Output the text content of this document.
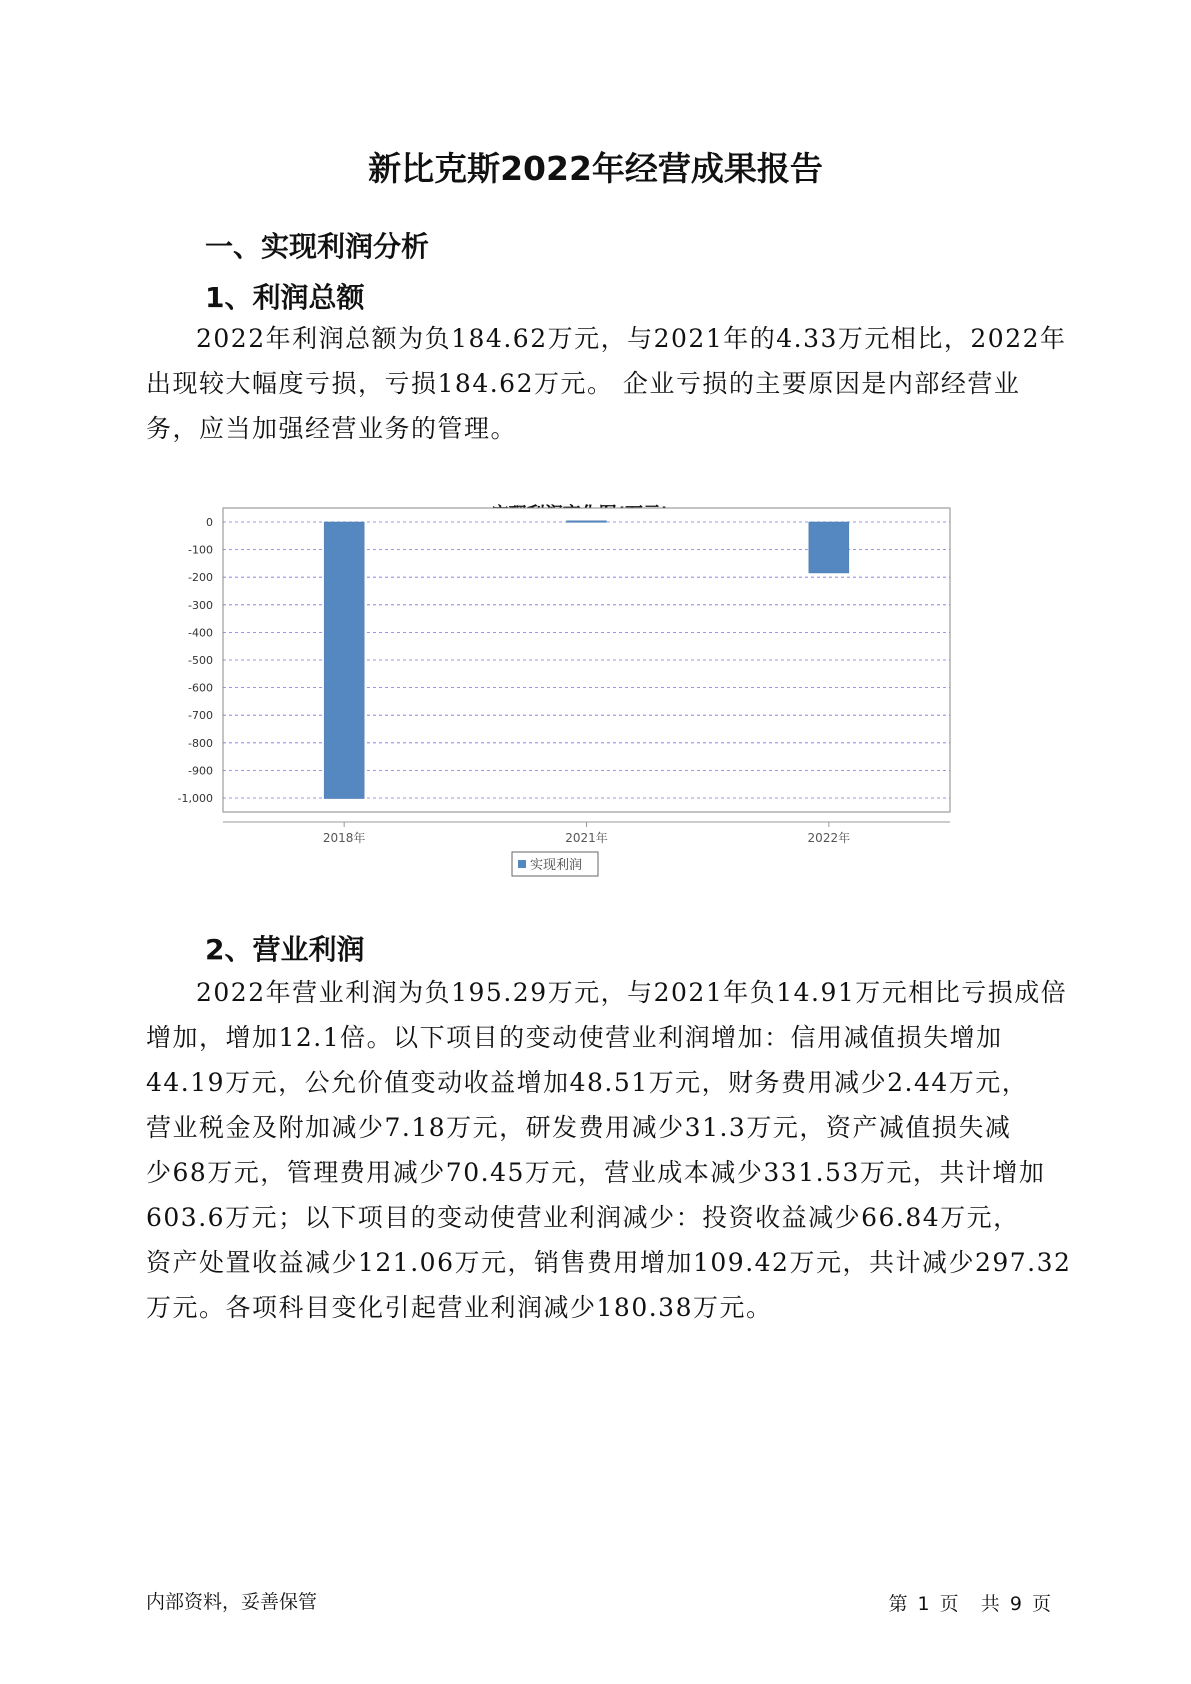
新比克斯2022年经营成果报告
一、实现利润分析
1、利润总额
2022年利润总额为负184.62万元，与2021年的4.33万元相比，2022年
出现较大幅度亏损，亏损184.62万元。 企业亏损的主要原因是内部经营业
务，应当加强经营业务的管理。
0
-100
-200
-300
-400
-500
-600
-700
-800
-900
-1,000
2018年	2021年	2022年
实现利润
2、营业利润
2022年营业利润为负195.29万元，与2021年负14.91万元相比亏损成倍
增加，增加12.1倍。以下项目的变动使营业利润增加：信用减值损失增加
44.19万元，公允价值变动收益增加48.51万元，财务费用减少2.44万元，
营业税金及附加减少7.18万元，研发费用减少31.3万元，资产减值损失减
少68万元，管理费用减少70.45万元，营业成本减少331.53万元，共计增加
603.6万元；以下项目的变动使营业利润减少：投资收益减少66.84万元，
资产处置收益减少121.06万元，销售费用增加109.42万元，共计减少297.32
万元。各项科目变化引起营业利润减少180.38万元。
内部资料，妥善保管	第 1 页 共 9 页
